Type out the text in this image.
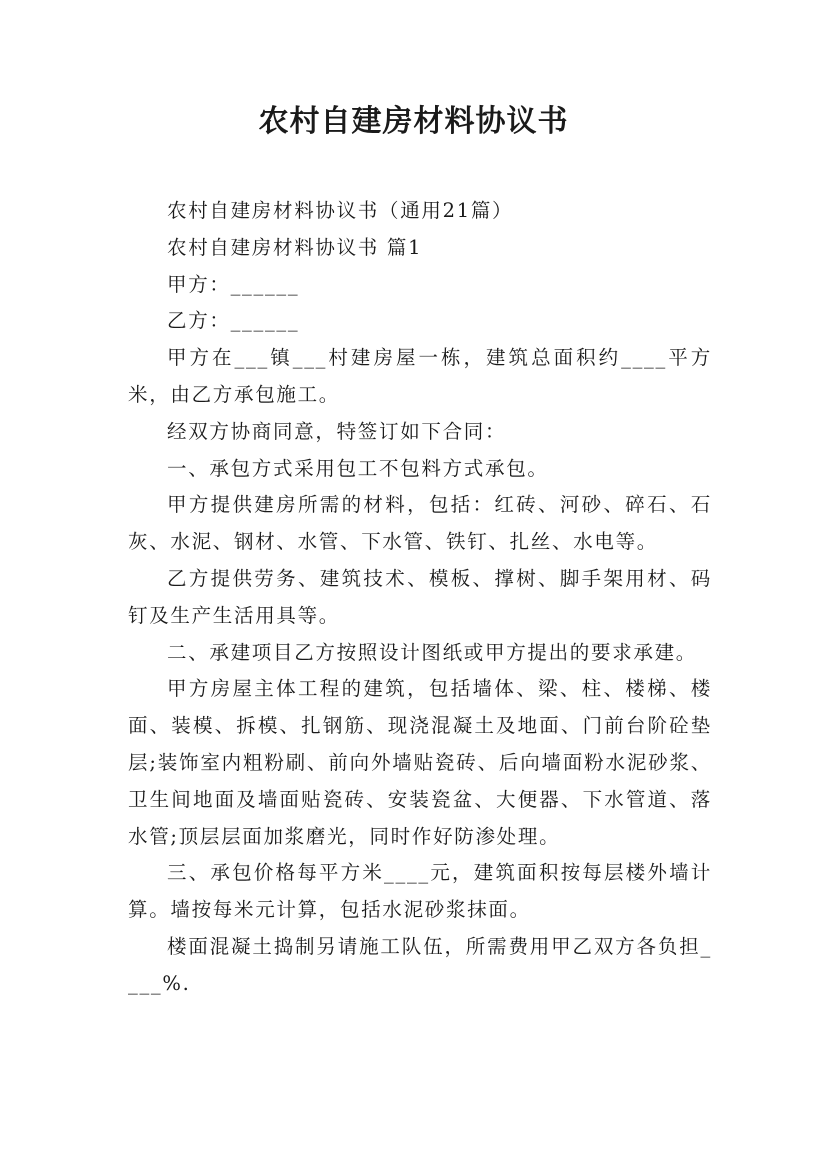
农村自建房材料协议书

农村自建房材料协议书（通用21篇）

农村自建房材料协议书 篇1

甲方：______

乙方：______

甲方在___镇___村建房屋一栋，建筑总面积约____平方米，由乙方承包施工。

经双方协商同意，特签订如下合同：

一、承包方式采用包工不包料方式承包。

甲方提供建房所需的材料，包括：红砖、河砂、碎石、石灰、水泥、钢材、水管、下水管、铁钉、扎丝、水电等。

乙方提供劳务、建筑技术、模板、撑树、脚手架用材、码钉及生产生活用具等。

二、承建项目乙方按照设计图纸或甲方提出的要求承建。

甲方房屋主体工程的建筑，包括墙体、梁、柱、楼梯、楼面、装模、拆模、扎钢筋、现浇混凝土及地面、门前台阶砼垫层;装饰室内粗粉刷、前向外墙贴瓷砖、后向墙面粉水泥砂浆、卫生间地面及墙面贴瓷砖、安装瓷盆、大便器、下水管道、落水管;顶层层面加浆磨光，同时作好防渗处理。

三、承包价格每平方米____元，建筑面积按每层楼外墙计算。墙按每米元计算，包括水泥砂浆抹面。

楼面混凝土捣制另请施工队伍，所需费用甲乙双方各负担____%.
